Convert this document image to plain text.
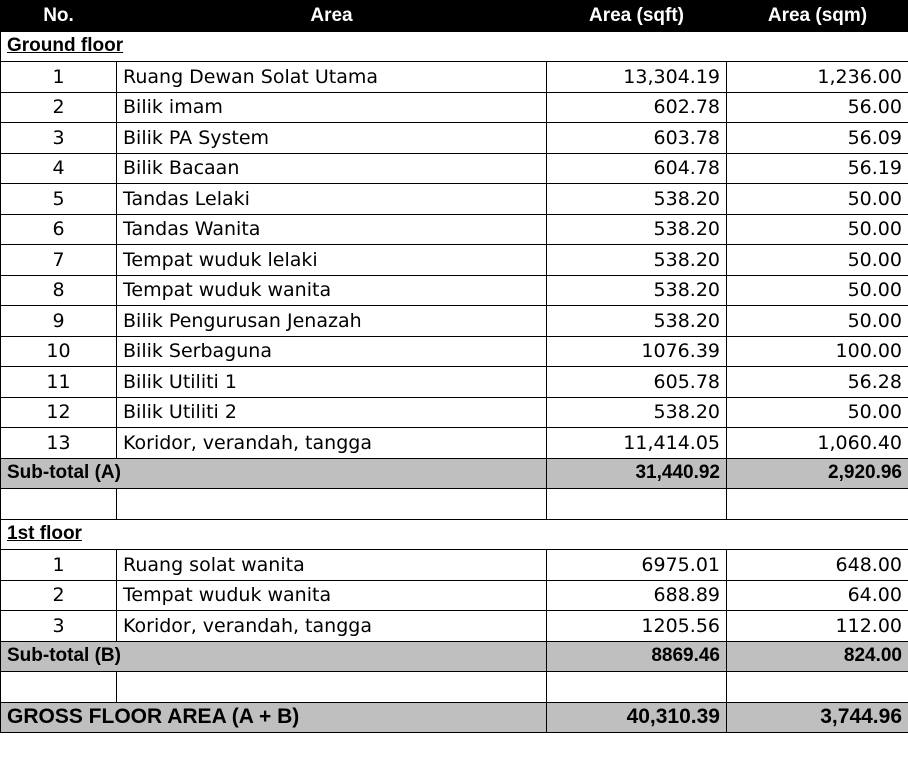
No.	Area	Area (sqft)	Area (sqm)
Ground floor			
1	Ruang Dewan Solat Utama	13,304.19	1,236.00
2	Bilik imam	602.78	56.00
3	Bilik PA System	603.78	56.09
4	Bilik Bacaan	604.78	56.19
5	Tandas Lelaki	538.20	50.00
6	Tandas Wanita	538.20	50.00
7	Tempat wuduk lelaki	538.20	50.00
8	Tempat wuduk wanita	538.20	50.00
9	Bilik Pengurusan Jenazah	538.20	50.00
10	Bilik Serbaguna	1076.39	100.00
11	Bilik Utiliti 1	605.78	56.28
12	Bilik Utiliti 2	538.20	50.00
13	Koridor, verandah, tangga	11,414.05	1,060.40
Sub-total (A)		31,440.92	2,920.96

1st floor			
1	Ruang solat wanita	6975.01	648.00
2	Tempat wuduk wanita	688.89	64.00
3	Koridor, verandah, tangga	1205.56	112.00
Sub-total (B)		8869.46	824.00

GROSS FLOOR AREA (A + B)		40,310.39	3,744.96
